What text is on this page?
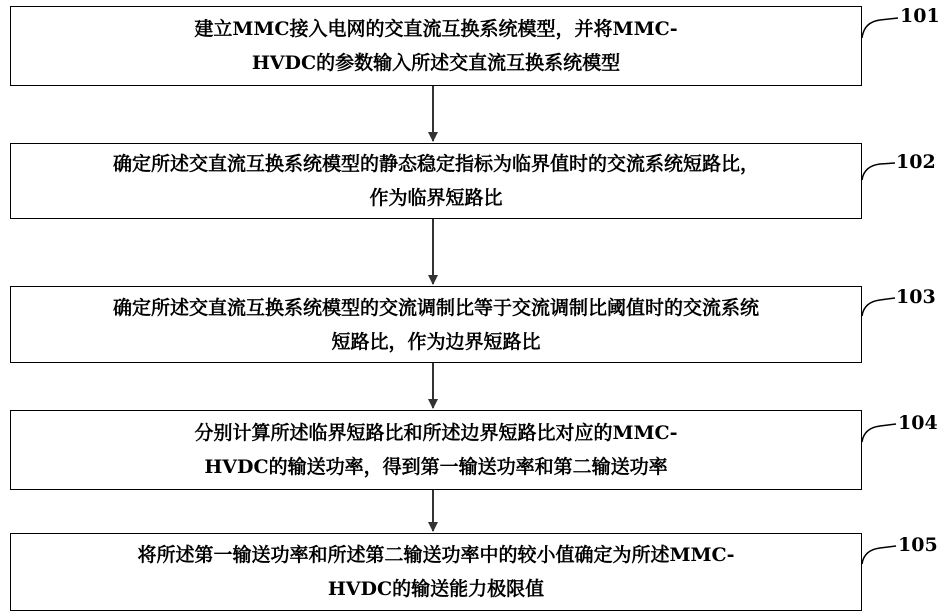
建立MMC接入电网的交直流互换系统模型，并将MMC-
HVDC的参数输入所述交直流互换系统模型
确定所述交直流互换系统模型的静态稳定指标为临界值时的交流系统短路比，
作为临界短路比
确定所述交直流互换系统模型的交流调制比等于交流调制比阈值时的交流系统
短路比，作为边界短路比
分别计算所述临界短路比和所述边界短路比对应的MMC-
HVDC的输送功率，得到第一输送功率和第二输送功率
将所述第一输送功率和所述第二输送功率中的较小值确定为所述MMC-
HVDC的输送能力极限值
101
102
103
104
105
